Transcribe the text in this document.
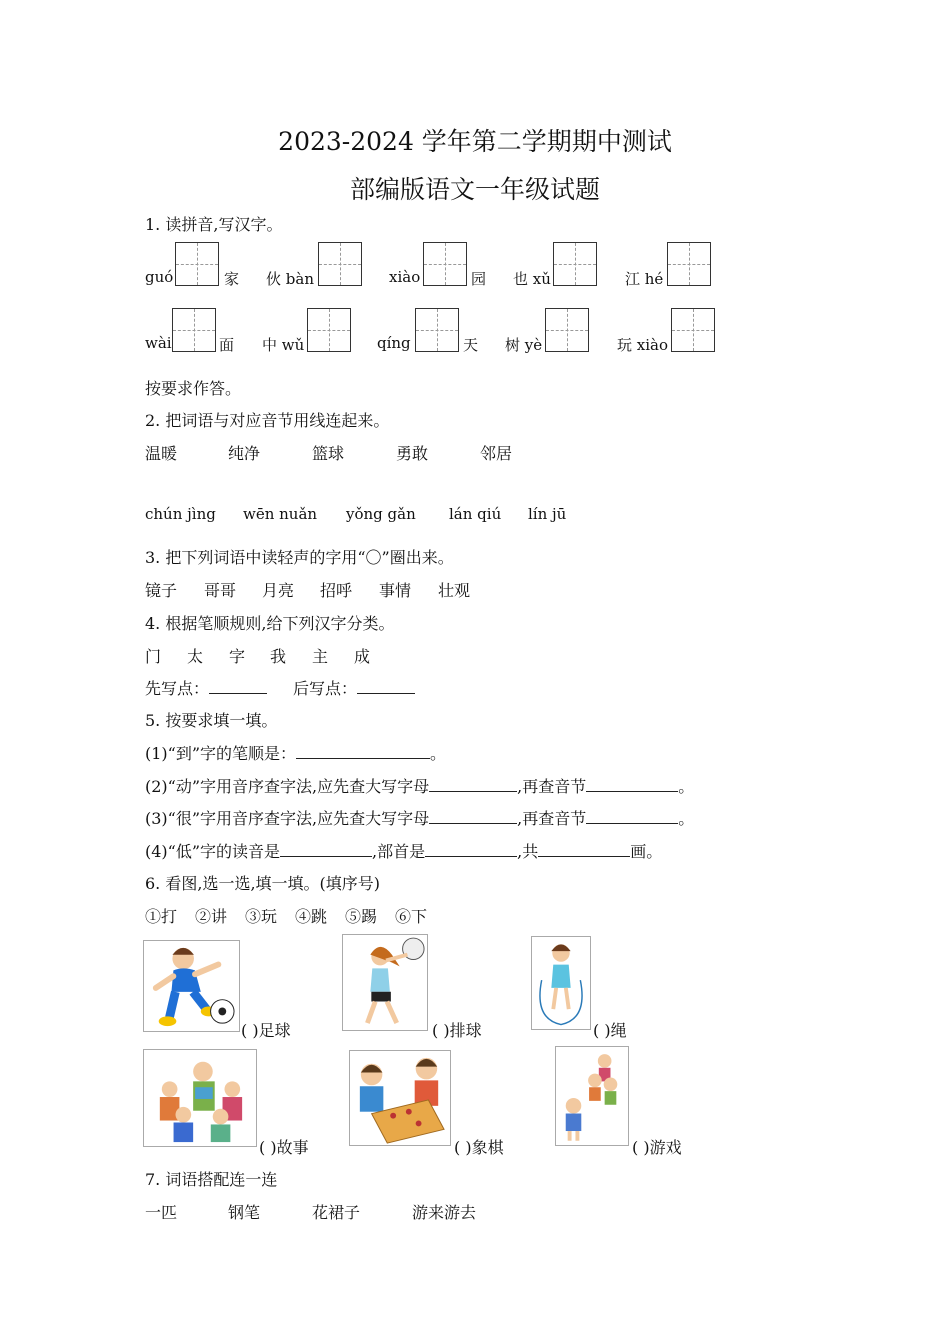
2023-2024 学年第二学期期中测试
部编版语文一年级试题
1. 读拼音,写汉字。
guó	家 伙 bàn	xiào	园 也 xǔ	江 hé
wài	面 中 wǔ	qíng	天 树 yè	玩 xiào
按要求作答。
2. 把词语与对应音节用线连起来。
温暖	纯净	篮球	勇敢	邻居
chún jìng wēn nuǎn yǒng gǎn lán qiú lín jū
3. 把下列词语中读轻声的字用“〇”圈出来。
镜子 哥哥 月亮 招呼 事情 壮观
4. 根据笔顺规则,给下列汉字分类。
门 太 字 我 主 成
先写点：	后写点：
5. 按要求填一填。
(1)“到”字的笔顺是：	。
(2)“动”字用音序查字法,应先查大写字母	,再查音节	。
(3)“很”字用音序查字法,应先查大写字母	,再查音节	。
(4)“低”字的读音是	,部首是	,共	画。
6. 看图,选一选,填一填。(填序号)
①打 ②讲 ③玩 ④跳 ⑤踢 ⑥下
( )足球	( )排球	( )绳
( )故事	( )象棋	( )游戏
7. 词语搭配连一连
一匹	钢笔	花裙子	游来游去
